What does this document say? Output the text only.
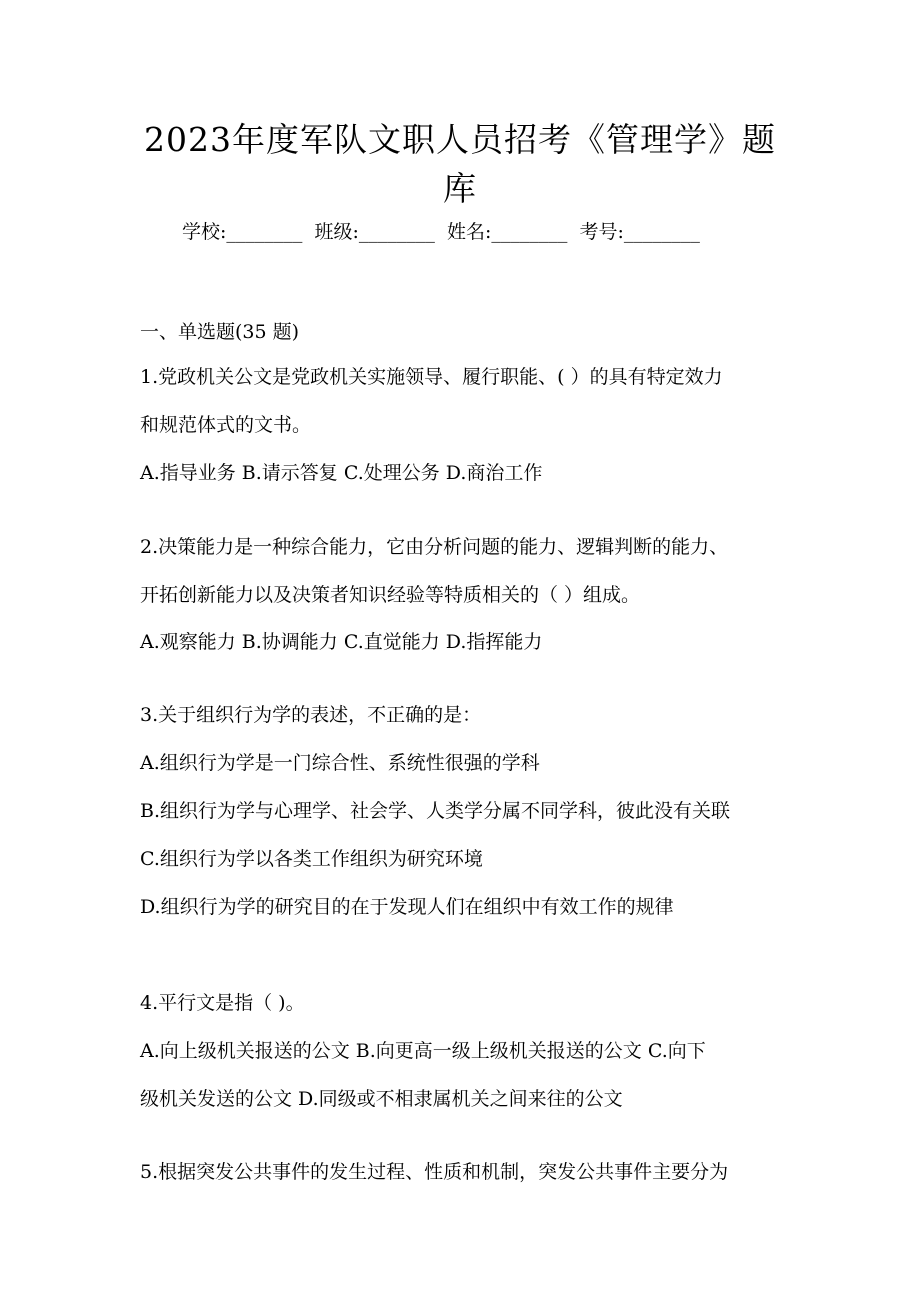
2023年度军队文职人员招考《管理学》题
库
学校:________  班级:________  姓名:________  考号:________
一、单选题(35 题)
1.党政机关公文是党政机关实施领导、履行职能、( ）的具有特定效力
和规范体式的文书。
A.指导业务 B.请示答复 C.处理公务 D.商治工作
2.决策能力是一种综合能力，它由分析问题的能力、逻辑判断的能力、
开拓创新能力以及决策者知识经验等特质相关的（ ）组成。
A.观察能力 B.协调能力 C.直觉能力 D.指挥能力
3.关于组织行为学的表述，不正确的是：
A.组织行为学是一门综合性、系统性很强的学科
B.组织行为学与心理学、社会学、人类学分属不同学科，彼此没有关联
C.组织行为学以各类工作组织为研究环境
D.组织行为学的研究目的在于发现人们在组织中有效工作的规律
4.平行文是指（ )。
A.向上级机关报送的公文 B.向更高一级上级机关报送的公文 C.向下
级机关发送的公文 D.同级或不相隶属机关之间来往的公文
5.根据突发公共事件的发生过程、性质和机制，突发公共事件主要分为
